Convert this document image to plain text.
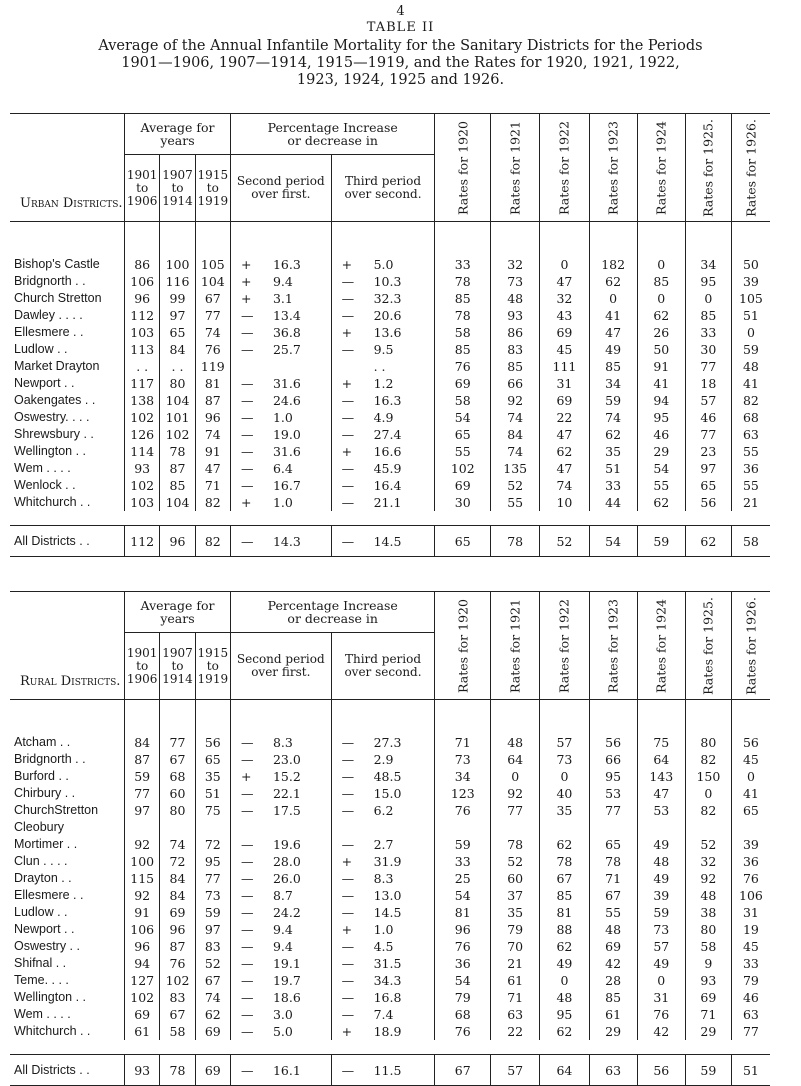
4
TABLE II
Average of the Annual Infantile Mortality for the Sanitary Districts for the Periods
1901—1906, 1907—1914, 1915—1919, and the Rates for 1920, 1921, 1922,
1923, 1924, 1925 and 1926.
Urban Districts.	Average for years			Percentage Increase or decrease in		Rates for 1920	Rates for 1921	Rates for 1922	Rates for 1923	Rates for 1924	Rates for 1925.	Rates for 1926.

	1901 to 1906	1907 to 1914	1915 to 1919	Second period over first.	Third period over second.							

Bishop's Castle	86	100	105	+ 16.3	+ 5.0	33	32	0	182	0	34	50
Bridgnorth . .	106	116	104	+ 9.4	— 10.3	78	73	47	62	85	95	39
Church Stretton	96	99	67	+ 3.1	— 32.3	85	48	32	0	0	0	105
Dawley . . . .	112	97	77	— 13.4	— 20.6	78	93	43	41	62	85	51
Ellesmere . .	103	65	74	— 36.8	+ 13.6	58	86	69	47	26	33	0
Ludlow . .	113	84	76	— 25.7	— 9.5	85	83	45	49	50	30	59
Market Drayton	. .	. .	119		. .	76	85	111	85	91	77	48
Newport . .	117	80	81	— 31.6	+ 1.2	69	66	31	34	41	18	41
Oakengates . .	138	104	87	— 24.6	— 16.3	58	92	69	59	94	57	82
Oswestry. . . .	102	101	96	— 1.0	— 4.9	54	74	22	74	95	46	68
Shrewsbury . .	126	102	74	— 19.0	— 27.4	65	84	47	62	46	77	63
Wellington . .	114	78	91	— 31.6	+ 16.6	55	74	62	35	29	23	55
Wem . . . .	93	87	47	— 6.4	— 45.9	102	135	47	51	54	97	36
Wenlock . .	102	85	71	— 16.7	— 16.4	69	52	74	33	55	65	55
Whitchurch . .	103	104	82	+ 1.0	— 21.1	30	55	10	44	62	56	21

All Districts . .	112	96	82	— 14.3	— 14.5	65	78	52	54	59	62	58
Rural Districts.	Average for years			Percentage Increase or decrease in		Rates for 1920	Rates for 1921	Rates for 1922	Rates for 1923	Rates for 1924	Rates for 1925.	Rates for 1926.

	1901 to 1906	1907 to 1914	1915 to 1919	Second period over first.	Third period over second.							

Atcham . .	84	77	56	— 8.3	— 27.3	71	48	57	56	75	80	56
Bridgnorth . .	87	67	65	— 23.0	— 2.9	73	64	73	66	64	82	45
Burford . .	59	68	35	+ 15.2	— 48.5	34	0	0	95	143	150	0
Chirbury . .	77	60	51	— 22.1	— 15.0	123	92	40	53	47	0	41
ChurchStretton	97	80	75	— 17.5	— 6.2	76	77	35	77	53	82	65
Cleobury												
Mortimer . .	92	74	72	— 19.6	— 2.7	59	78	62	65	49	52	39
Clun . . . .	100	72	95	— 28.0	+ 31.9	33	52	78	78	48	32	36
Drayton . .	115	84	77	— 26.0	— 8.3	25	60	67	71	49	92	76
Ellesmere . .	92	84	73	— 8.7	— 13.0	54	37	85	67	39	48	106
Ludlow . .	91	69	59	— 24.2	— 14.5	81	35	81	55	59	38	31
Newport . .	106	96	97	— 9.4	+ 1.0	96	79	88	48	73	80	19
Oswestry . .	96	87	83	— 9.4	— 4.5	76	70	62	69	57	58	45
Shifnal . .	94	76	52	— 19.1	— 31.5	36	21	49	42	49	9	33
Teme. . . .	127	102	67	— 19.7	— 34.3	54	61	0	28	0	93	79
Wellington . .	102	83	74	— 18.6	— 16.8	79	71	48	85	31	69	46
Wem . . . .	69	67	62	— 3.0	— 7.4	68	63	95	61	76	71	63
Whitchurch . .	61	58	69	— 5.0	+ 18.9	76	22	62	29	42	29	77

All Districts . .	93	78	69	— 16.1	— 11.5	67	57	64	63	56	59	51
